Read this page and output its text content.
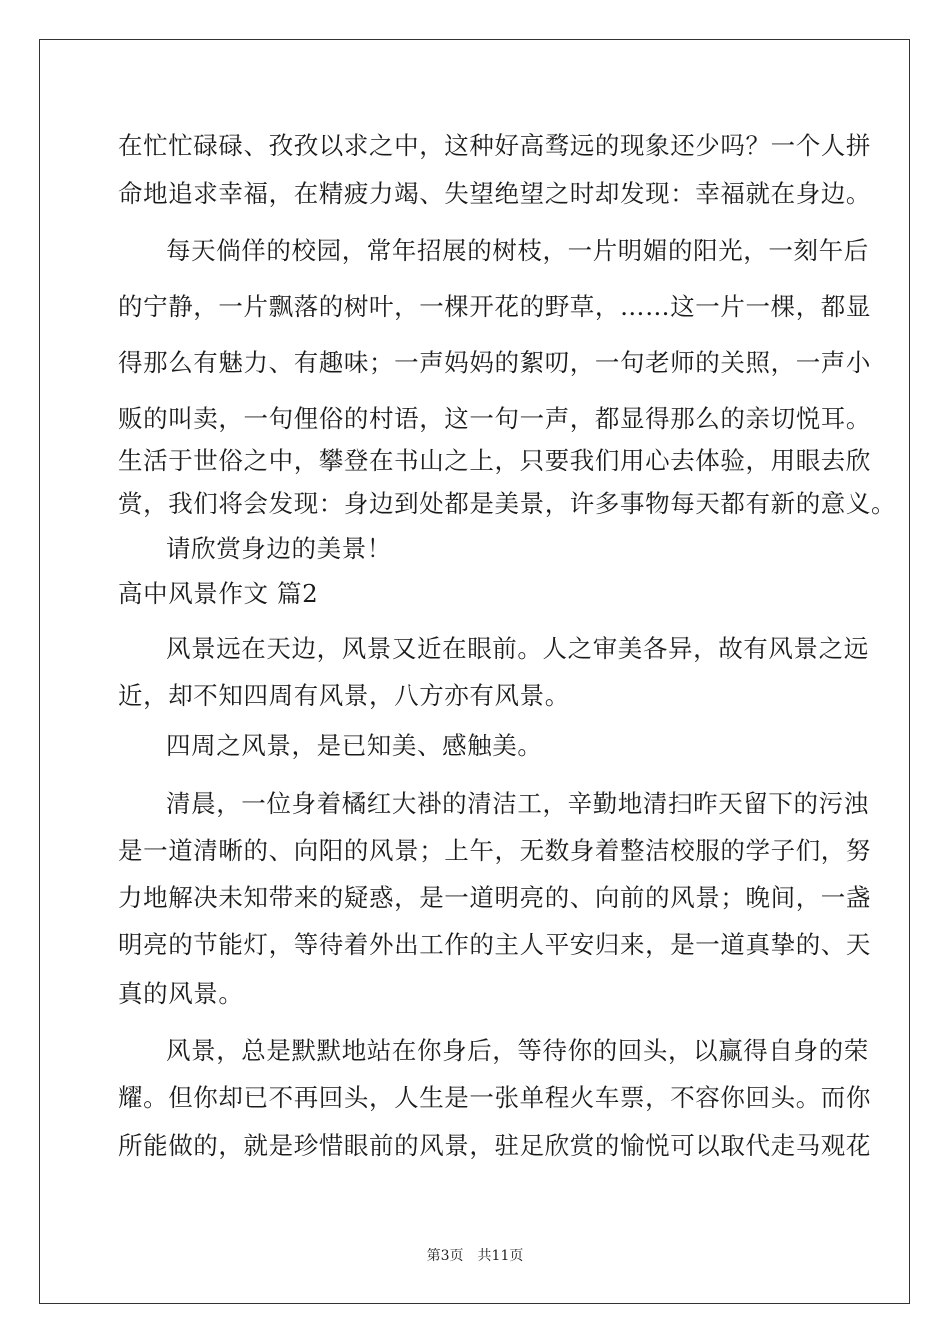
在忙忙碌碌、孜孜以求之中，这种好高骛远的现象还少吗？一个人拼
命地追求幸福，在精疲力竭、失望绝望之时却发现：幸福就在身边。
每天倘佯的校园，常年招展的树枝，一片明媚的阳光，一刻午后
的宁静，一片飘落的树叶，一棵开花的野草，……这一片一棵，都显
得那么有魅力、有趣味；一声妈妈的絮叨，一句老师的关照，一声小
贩的叫卖，一句俚俗的村语，这一句一声，都显得那么的亲切悦耳。
生活于世俗之中，攀登在书山之上，只要我们用心去体验，用眼去欣
赏，我们将会发现：身边到处都是美景，许多事物每天都有新的意义。
请欣赏身边的美景！
高中风景作文 篇2
风景远在天边，风景又近在眼前。人之审美各异，故有风景之远
近，却不知四周有风景，八方亦有风景。
四周之风景，是已知美、感触美。
清晨，一位身着橘红大褂的清洁工，辛勤地清扫昨天留下的污浊
是一道清晰的、向阳的风景；上午，无数身着整洁校服的学子们，努
力地解决未知带来的疑惑，是一道明亮的、向前的风景；晚间，一盏
明亮的节能灯，等待着外出工作的主人平安归来，是一道真挚的、天
真的风景。
风景，总是默默地站在你身后，等待你的回头，以赢得自身的荣
耀。但你却已不再回头，人生是一张单程火车票，不容你回头。而你
所能做的，就是珍惜眼前的风景，驻足欣赏的愉悦可以取代走马观花
第3页 共11页
